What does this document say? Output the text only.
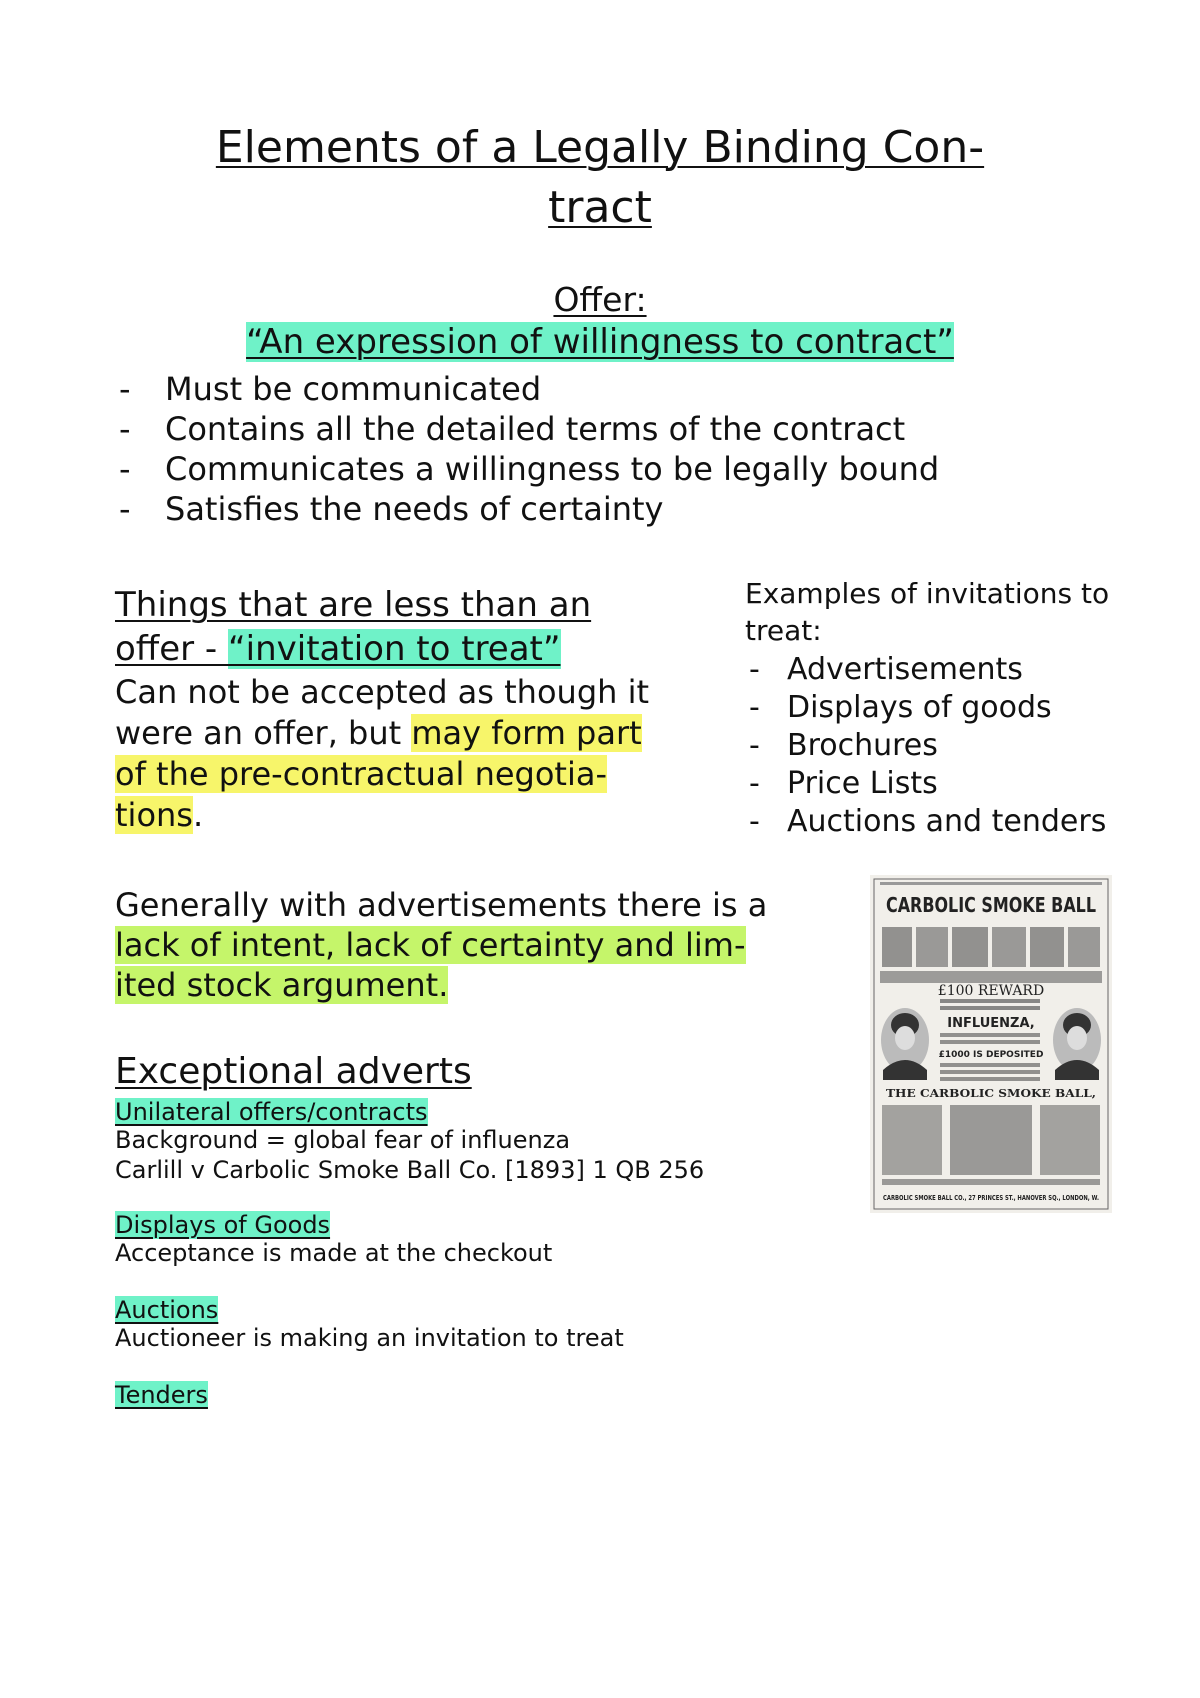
Elements of a Legally Binding Con-
tract
Offer:
“An expression of willingness to contract”
- Must be communicated
- Contains all the detailed terms of the contract
- Communicates a willingness to be legally bound
- Satisfies the needs of certainty
Things that are less than an
offer - “invitation to treat”
Can not be accepted as though it
were an offer, but may form part
of the pre-contractual negotia-
tions.
Examples of invitations to
treat:
- Advertisements
- Displays of goods
- Brochures
- Price Lists
- Auctions and tenders
Generally with advertisements there is a
lack of intent, lack of certainty and lim-
ited stock argument.
CARBOLIC SMOKE BALL
£100 REWARD
INFLUENZA,
£1000 IS DEPOSITED
THE CARBOLIC SMOKE BALL,
CARBOLIC SMOKE BALL CO., 27 PRINCES ST., HANOVER SQ., LONDON, W.
Exceptional adverts
Unilateral offers/contracts
Background = global fear of influenza
Carlill v Carbolic Smoke Ball Co. [1893] 1 QB 256
Displays of Goods
Acceptance is made at the checkout
Auctions
Auctioneer is making an invitation to treat
Tenders
